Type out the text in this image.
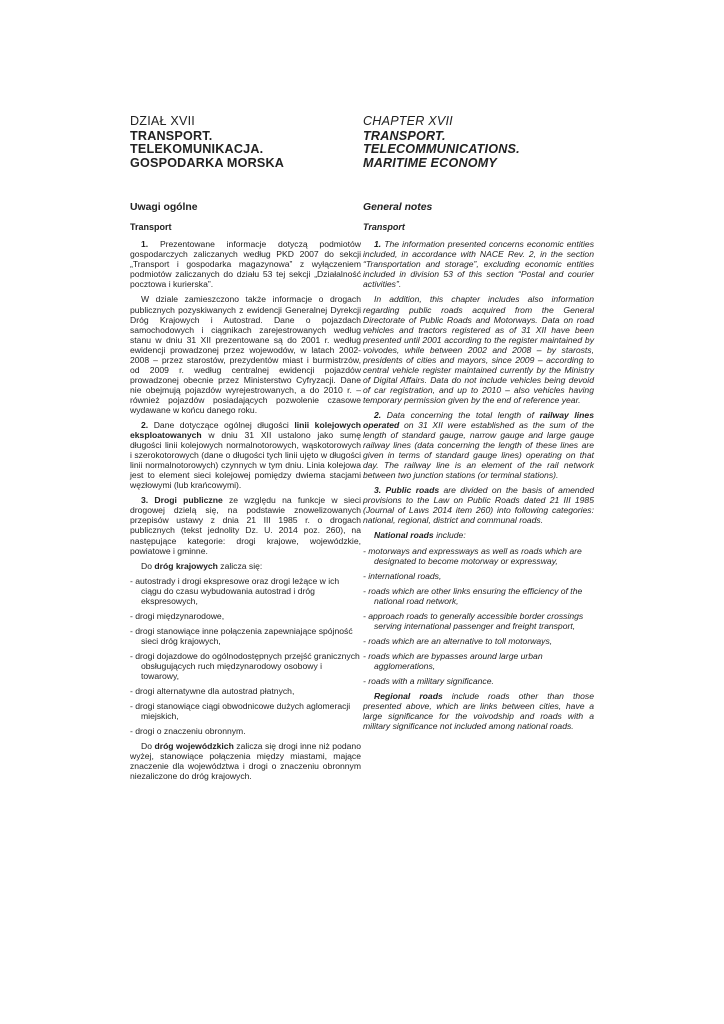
DZIAŁ XVII
TRANSPORT.
TELEKOMUNIKACJA.
GOSPODARKA MORSKA
Uwagi ogólne
Transport

1. Prezentowane informacje dotyczą podmiotów gospodarczych zaliczanych według PKD 2007 do sekcji „Transport i gospodarka magazynowa” z wyłączeniem podmiotów zaliczanych do działu 53 tej sekcji „Działalność pocztowa i kurierska”.

W dziale zamieszczono także informacje o drogach publicznych pozyskiwanych z ewidencji Generalnej Dyrekcji Dróg Krajowych i Autostrad. Dane o pojazdach samochodowych i ciągnikach zarejestrowanych według stanu w dniu 31 XII prezentowane są do 2001 r. według ewidencji prowadzonej przez wojewodów, w latach 2002-2008 – przez starostów, prezydentów miast i burmistrzów, od 2009 r. według centralnej ewidencji pojazdów prowadzonej obecnie przez Ministerstwo Cyfryzacji. Dane nie obejmują pojazdów wyrejestrowanych, a do 2010 r. – również pojazdów posiadających pozwolenie czasowe wydawane w końcu danego roku.

2. Dane dotyczące ogólnej długości linii kolejowych eksploatowanych w dniu 31 XII ustalono jako sumę długości linii kolejowych normalnotorowych, wąskotorowych i szerokotorowych (dane o długości tych linii ujęto w długości linii normalnotorowych) czynnych w tym dniu. Linia kolejowa jest to element sieci kolejowej pomiędzy dwiema stacjami węzłowymi (lub krańcowymi).

3. Drogi publiczne ze względu na funkcje w sieci drogowej dzielą się, na podstawie znowelizowanych przepisów ustawy z dnia 21 III 1985 r. o drogach publicznych (tekst jednolity Dz. U. 2014 poz. 260), na następujące kategorie: drogi krajowe, wojewódzkie, powiatowe i gminne.

Do dróg krajowych zalicza się:
- autostrady i drogi ekspresowe oraz drogi leżące w ich ciągu do czasu wybudowania autostrad i dróg ekspresowych,
- drogi międzynarodowe,
- drogi stanowiące inne połączenia zapewniające spójność sieci dróg krajowych,
- drogi dojazdowe do ogólnodostępnych przejść granicznych obsługujących ruch międzynarodowy osobowy i towarowy,
- drogi alternatywne dla autostrad płatnych,
- drogi stanowiące ciągi obwodnicowe dużych aglomeracji miejskich,
- drogi o znaczeniu obronnym.

Do dróg wojewódzkich zalicza się drogi inne niż podano wyżej, stanowiące połączenia między miastami, mające znaczenie dla województwa i drogi o znaczeniu obronnym niezaliczone do dróg krajowych.

CHAPTER XVII
TRANSPORT.
TELECOMMUNICATIONS.
MARITIME ECONOMY
General notes
Transport

1. The information presented concerns economic entities included, in accordance with NACE Rev. 2, in the section “Transportation and storage”, excluding economic entities included in division 53 of this section “Postal and courier activities”.

In addition, this chapter includes also information regarding public roads acquired from the General Directorate of Public Roads and Motorways. Data on road vehicles and tractors registered as of 31 XII have been presented until 2001 according to the register maintained by voivodes, while between 2002 and 2008 – by starosts, presidents of cities and mayors, since 2009 – according to central vehicle register maintained currently by the Ministry of Digital Affairs. Data do not include vehicles being devoid of car registration, and up to 2010 – also vehicles having temporary permission given by the end of reference year.

2. Data concerning the total length of railway lines operated on 31 XII were established as the sum of the length of standard gauge, narrow gauge and large gauge railway lines (data concerning the length of these lines are given in terms of standard gauge lines) operating on that day. The railway line is an element of the rail network between two junction stations (or terminal stations).

3. Public roads are divided on the basis of amended provisions to the Law on Public Roads dated 21 III 1985 (Journal of Laws 2014 item 260) into following categories: national, regional, district and communal roads.

National roads include:
- motorways and expressways as well as roads which are designated to become motorway or expressway,
- international roads,
- roads which are other links ensuring the efficiency of the national road network,
- approach roads to generally accessible border crossings serving international passenger and freight transport,
- roads which are an alternative to toll motorways,
- roads which are bypasses around large urban agglomerations,
- roads with a military significance.

Regional roads include roads other than those presented above, which are links between cities, have a large significance for the voivodship and roads with a military significance not included among national roads.
